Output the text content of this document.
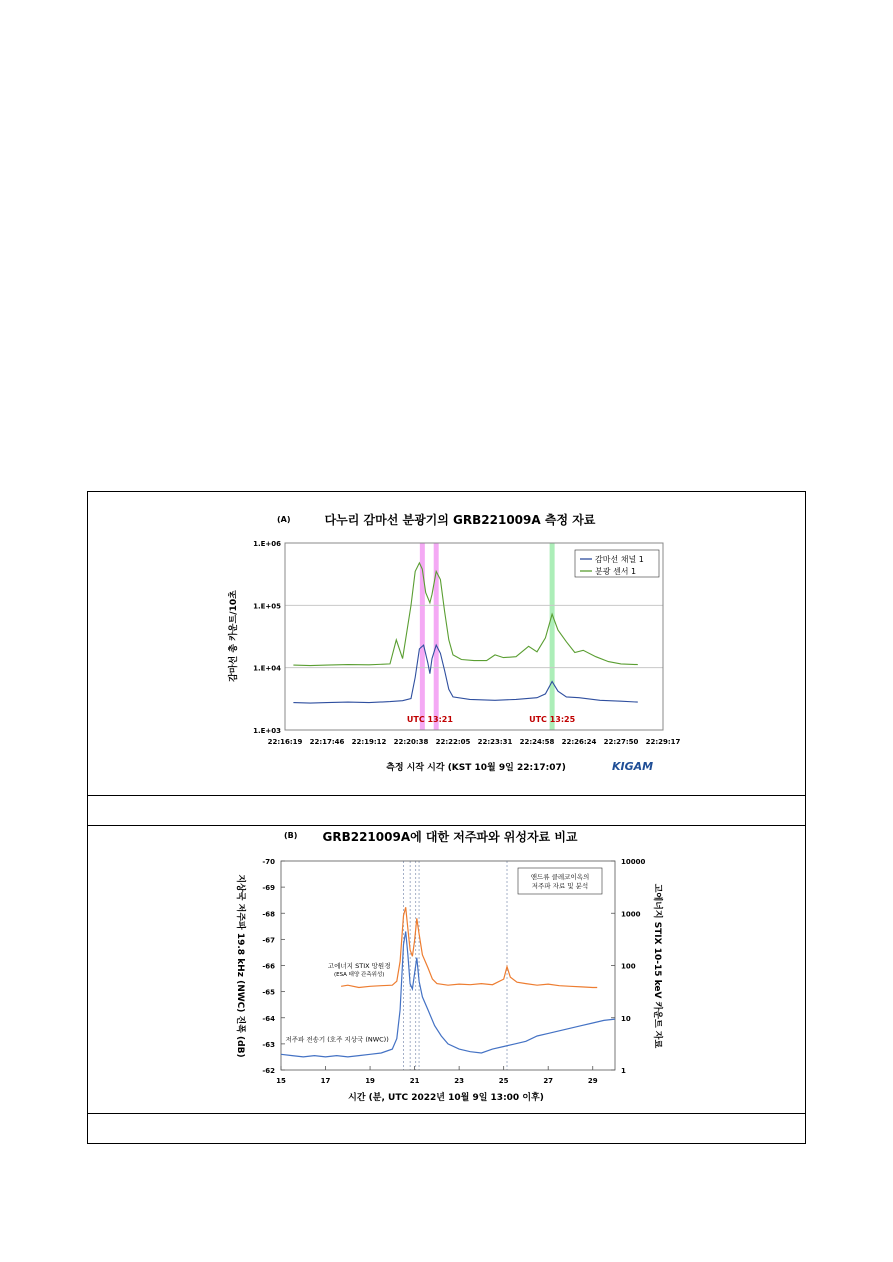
(A)	다누리 감마선 분광기의 GRB221009A 측정 자료
1.E+03
1.E+04
1.E+05
1.E+06
22:16:19 22:17:46 22:19:12 22:20:38 22:22:05 22:23:31 22:24:58 22:26:24 22:27:50 22:29:17
UTC 13:21	UTC 13:25
감마선 채널 1
분광 센서 1
감마선 총 카운트/10초
측정 시작 시각 (KST 10월 9일 22:17:07)	KIGAM
(B) GRB221009A에 대한 저주파와 위성자료 비교
-70
-69
-68
-67
-66
-65
-64
-63
-62
10000
1000
100
10
1
15	17	19	21	23	25	27	29
앤드류 클레코이옥의
저주파 자료 및 분석
고에너지 STIX 망원경
(ESA 태양 관측위성)
저주파 전송기 (호주 지상국 (NWC))
지상국 저주파 19.8 kHz (NWC) 진폭 (dB)	고에너지 STIX 10-15 keV 카운트 자료
시간 (분, UTC 2022년 10월 9일 13:00 이후)
